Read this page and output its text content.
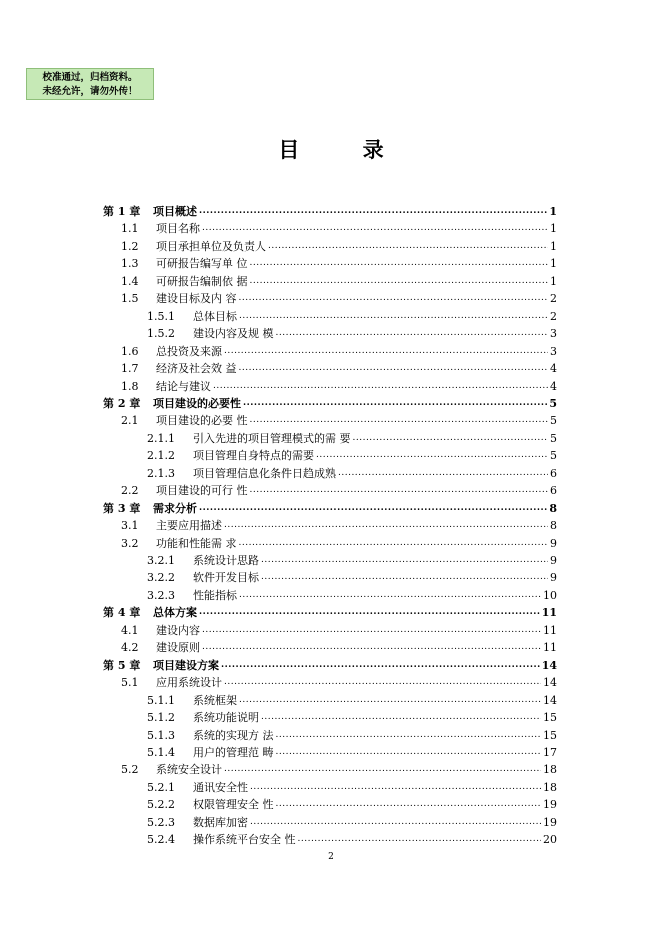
校准通过，归档资料。
未经允许，请勿外传！
目 录
第 1 章	项目概述 .....	1
1.1	项目名称 .....	1
1.2	项目承担单位及负责人 .....	1
1.3	可研报告编写单 位 .....	1
1.4	可研报告编制依 据 .....	1
1.5	建设目标及内 容 .....	2
1.5.1	总体目标 .....	2
1.5.2	建设内容及规 模 .....	3
1.6	总投资及来源 .....	3
1.7	经济及社会效 益 .....	4
1.8	结论与建议 .....	4
第 2 章	项目建设的必要性 .....	5
2.1	项目建设的必要 性 .....	5
2.1.1	引入先进的项目管理模式的需 要 .....	5
2.1.2	项目管理自身特点的需要 .....	5
2.1.3	项目管理信息化条件日趋成熟 .....	6
2.2	项目建设的可行 性 .....	6
第 3 章	需求分析 .....	8
3.1	主要应用描述 .....	8
3.2	功能和性能需 求 .....	9
3.2.1	系统设计思路 .....	9
3.2.2	软件开发目标 .....	9
3.2.3	性能指标 .....	10
第 4 章	总体方案 .....	11
4.1	建设内容 .....	11
4.2	建设原则 .....	11
第 5 章	项目建设方案 .....	14
5.1	应用系统设计 .....	14
5.1.1	系统框架 .....	14
5.1.2	系统功能说明 .....	15
5.1.3	系统的实现方 法 .....	15
5.1.4	用户的管理范 畴 .....	17
5.2	系统安全设计 .....	18
5.2.1	通讯安全性 .....	18
5.2.2	权限管理安全 性 .....	19
5.2.3	数据库加密 .....	19
5.2.4	操作系统平台安全 性 .....	20
2
